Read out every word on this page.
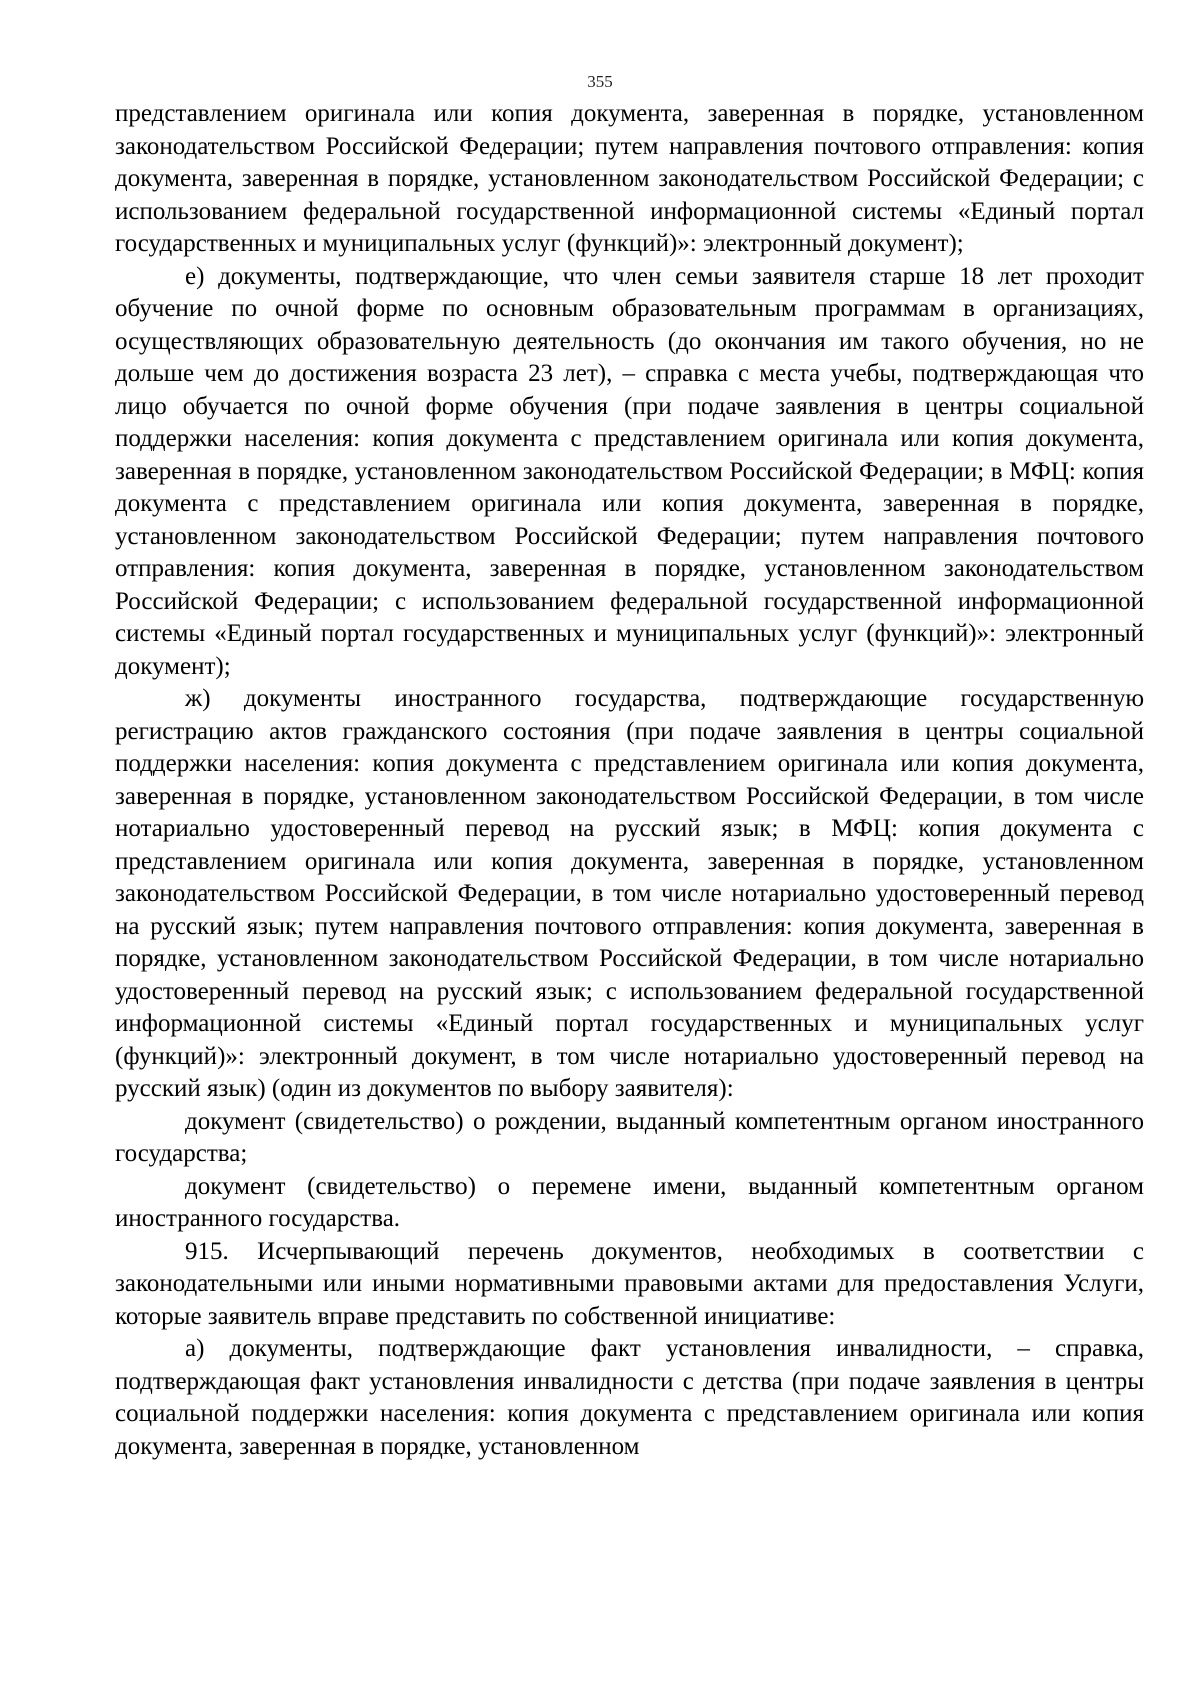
355

представлением оригинала или копия документа, заверенная в порядке, установленном законодательством Российской Федерации; путем направления почтового отправления: копия документа, заверенная в порядке, установленном законодательством Российской Федерации; с использованием федеральной государственной информационной системы «Единый портал государственных и муниципальных услуг (функций)»: электронный документ);

е) документы, подтверждающие, что член семьи заявителя старше 18 лет проходит обучение по очной форме по основным образовательным программам в организациях, осуществляющих образовательную деятельность (до окончания им такого обучения, но не дольше чем до достижения возраста 23 лет), – справка с места учебы, подтверждающая что лицо обучается по очной форме обучения (при подаче заявления в центры социальной поддержки населения: копия документа с представлением оригинала или копия документа, заверенная в порядке, установленном законодательством Российской Федерации; в МФЦ: копия документа с представлением оригинала или копия документа, заверенная в порядке, установленном законодательством Российской Федерации; путем направления почтового отправления: копия документа, заверенная в порядке, установленном законодательством Российской Федерации; с использованием федеральной государственной информационной системы «Единый портал государственных и муниципальных услуг (функций)»: электронный документ);

ж) документы иностранного государства, подтверждающие государственную регистрацию актов гражданского состояния (при подаче заявления в центры социальной поддержки населения: копия документа с представлением оригинала или копия документа, заверенная в порядке, установленном законодательством Российской Федерации, в том числе нотариально удостоверенный перевод на русский язык; в МФЦ: копия документа с представлением оригинала или копия документа, заверенная в порядке, установленном законодательством Российской Федерации, в том числе нотариально удостоверенный перевод на русский язык; путем направления почтового отправления: копия документа, заверенная в порядке, установленном законодательством Российской Федерации, в том числе нотариально удостоверенный перевод на русский язык; с использованием федеральной государственной информационной системы «Единый портал государственных и муниципальных услуг (функций)»: электронный документ, в том числе нотариально удостоверенный перевод на русский язык) (один из документов по выбору заявителя):

документ (свидетельство) о рождении, выданный компетентным органом иностранного государства;

документ (свидетельство) о перемене имени, выданный компетентным органом иностранного государства.

915. Исчерпывающий перечень документов, необходимых в соответствии с законодательными или иными нормативными правовыми актами для предоставления Услуги, которые заявитель вправе представить по собственной инициативе:

а) документы, подтверждающие факт установления инвалидности, – справка, подтверждающая факт установления инвалидности с детства (при подаче заявления в центры социальной поддержки населения: копия документа с представлением оригинала или копия документа, заверенная в порядке, установленном
